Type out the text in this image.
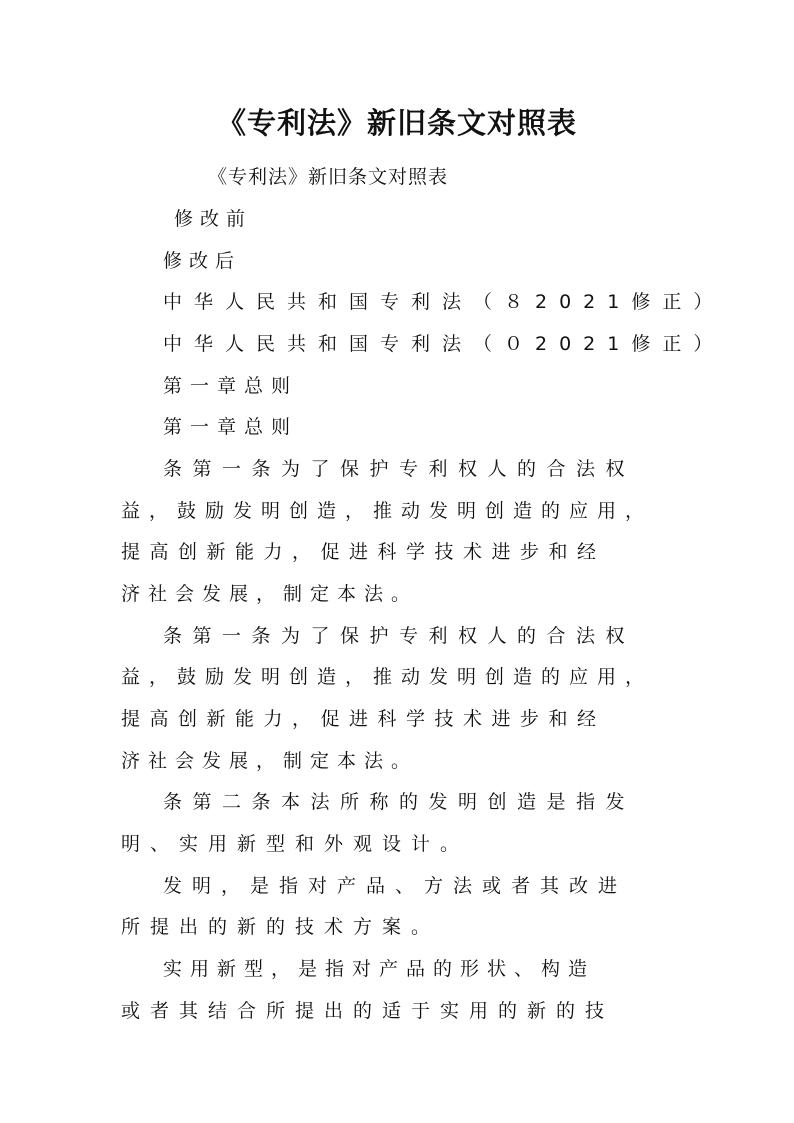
《专利法》新旧条文对照表

《专利法》新旧条文对照表

修改前

修改后

中华人民共和国专利法（８2021修正）

中华人民共和国专利法（０2021修正）

第一章总则

第一章总则

条第一条为了保护专利权人的合法权

益，鼓励发明创造，推动发明创造的应用，

提高创新能力，促进科学技术进步和经

济社会发展，制定本法。

条第一条为了保护专利权人的合法权

益，鼓励发明创造，推动发明创造的应用，

提高创新能力，促进科学技术进步和经

济社会发展，制定本法。

条第二条本法所称的发明创造是指发

明、实用新型和外观设计。

发明，是指对产品、方法或者其改进

所提出的新的技术方案。

实用新型，是指对产品的形状、构造

或者其结合所提出的适于实用的新的技
